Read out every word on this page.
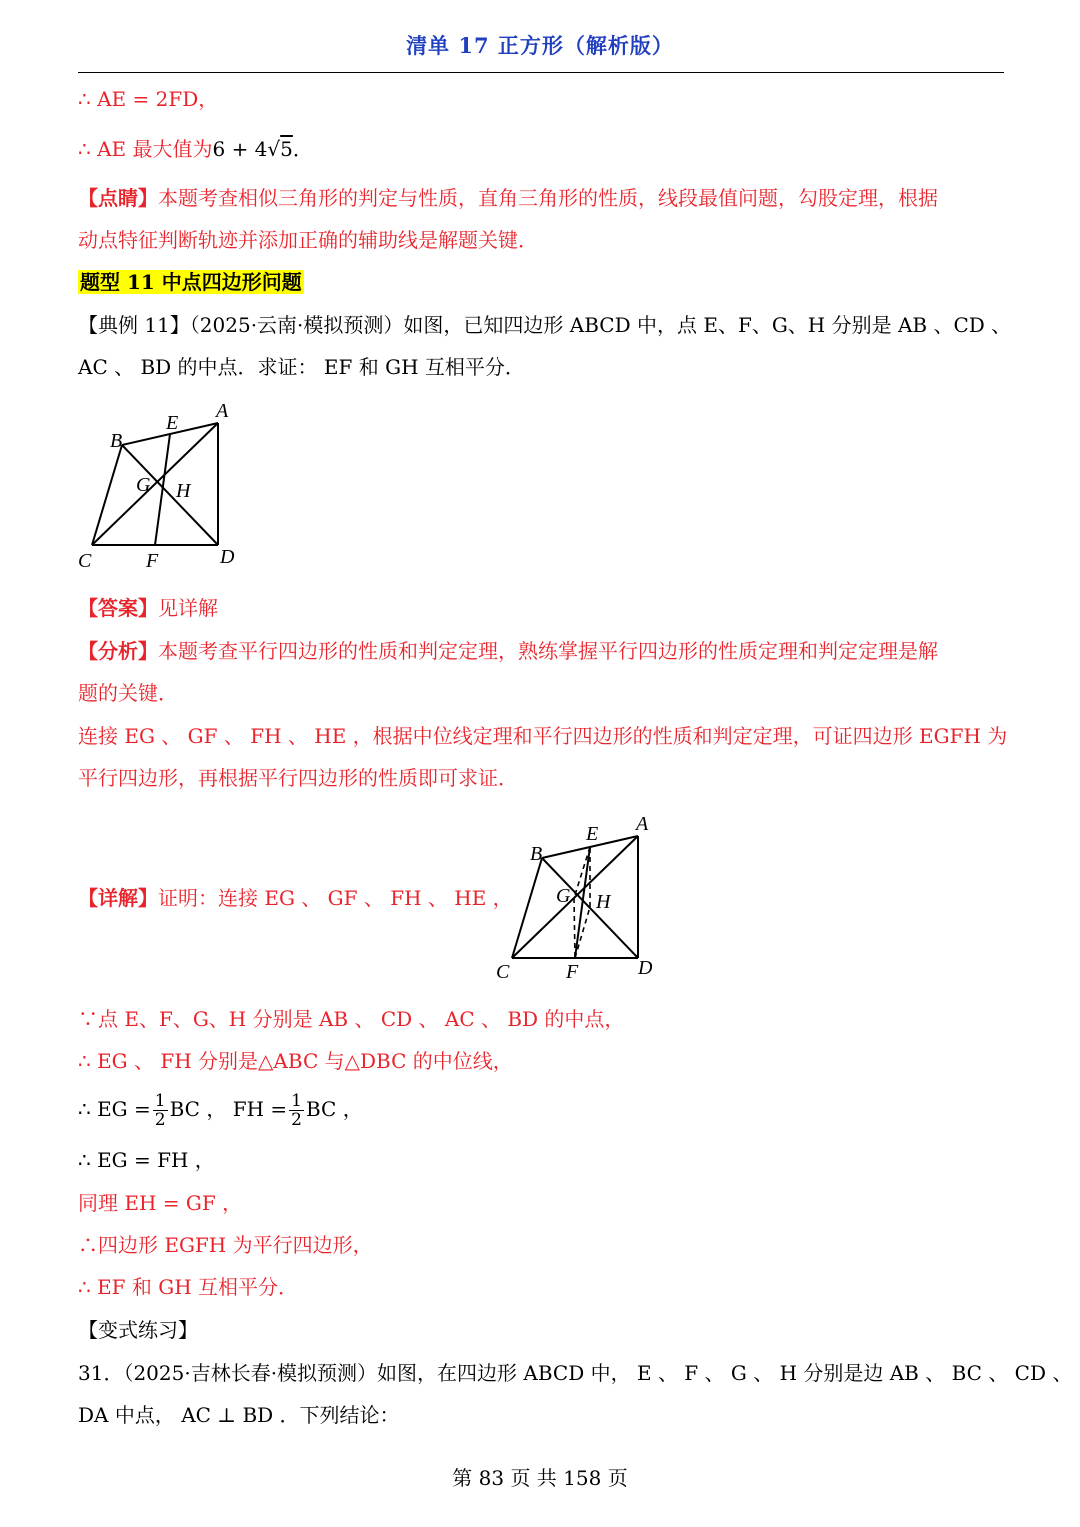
清单 17 正方形（解析版）
∴ AE = 2FD，
∴ AE 最大值为6 + 4√5．
【点睛】本题考查相似三角形的判定与性质，直角三角形的性质，线段最值问题，勾股定理，根据
动点特征判断轨迹并添加正确的辅助线是解题关键．
题型 11 中点四边形问题
【典例 11】（2025·云南·模拟预测）如图，已知四边形 ABCD 中，点 E、F、G、H 分别是 AB 、CD 、
AC 、 BD 的中点．求证： EF 和 GH 互相平分．
A
B
C	D
E
F
G H
【答案】见详解
【分析】本题考查平行四边形的性质和判定定理，熟练掌握平行四边形的性质定理和判定定理是解
题的关键．
连接 EG 、 GF 、 FH 、 HE ，根据中位线定理和平行四边形的性质和判定定理，可证四边形 EGFH 为
平行四边形，再根据平行四边形的性质即可求证．
【详解】证明：连接 EG 、 GF 、 FH 、 HE ，
A
B
C	D
E
F
G H
∵点 E、F、G、H 分别是 AB 、 CD 、 AC 、 BD 的中点，
∴ EG 、 FH 分别是△ABC 与△DBC 的中位线，
∴ EG = $\frac{1}{2}$ BC ， FH = $\frac{1}{2}$ BC ，
∴ EG = FH ，
同理 EH = GF ，
∴四边形 EGFH 为平行四边形，
∴ EF 和 GH 互相平分．
【变式练习】
31．（2025·吉林长春·模拟预测）如图，在四边形 ABCD 中， E 、 F 、 G 、 H 分别是边 AB 、 BC 、 CD 、
DA 中点， AC ⊥ BD ．下列结论：
第 83 页 共 158 页
